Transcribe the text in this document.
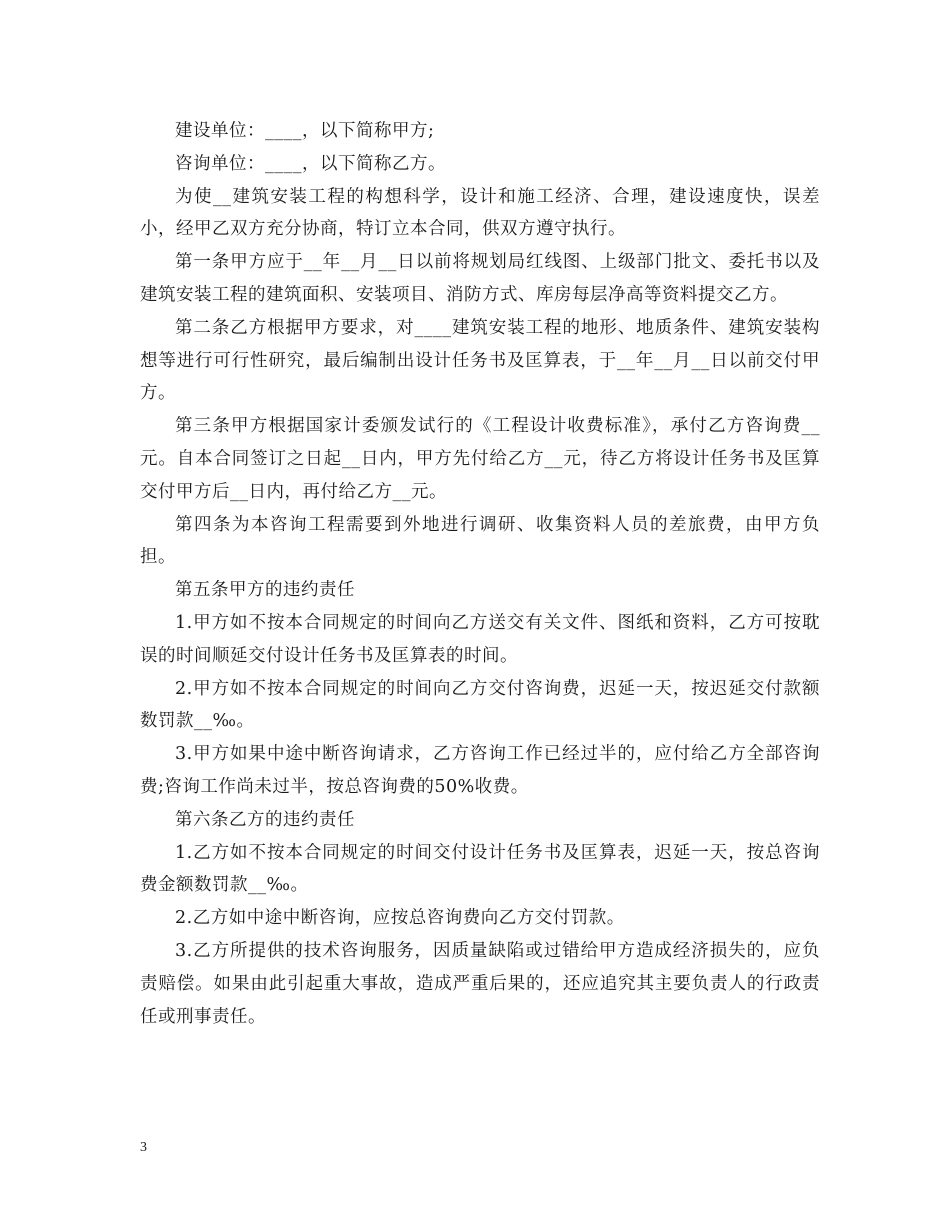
建设单位：____，以下简称甲方;

咨询单位：____，以下简称乙方。

为使__建筑安装工程的构想科学，设计和施工经济、合理，建设速度快，误差小，经甲乙双方充分协商，特订立本合同，供双方遵守执行。

第一条甲方应于__年__月__日以前将规划局红线图、上级部门批文、委托书以及建筑安装工程的建筑面积、安装项目、消防方式、库房每层净高等资料提交乙方。

第二条乙方根据甲方要求，对____建筑安装工程的地形、地质条件、建筑安装构想等进行可行性研究，最后编制出设计任务书及匡算表，于__年__月__日以前交付甲方。

第三条甲方根据国家计委颁发试行的《工程设计收费标准》，承付乙方咨询费__元。自本合同签订之日起__日内，甲方先付给乙方__元，待乙方将设计任务书及匡算交付甲方后__日内，再付给乙方__元。

第四条为本咨询工程需要到外地进行调研、收集资料人员的差旅费，由甲方负担。

第五条甲方的违约责任

1.甲方如不按本合同规定的时间向乙方送交有关文件、图纸和资料，乙方可按耽误的时间顺延交付设计任务书及匡算表的时间。

2.甲方如不按本合同规定的时间向乙方交付咨询费，迟延一天，按迟延交付款额数罚款__‰。

3.甲方如果中途中断咨询请求，乙方咨询工作已经过半的，应付给乙方全部咨询费;咨询工作尚未过半，按总咨询费的50%收费。

第六条乙方的违约责任

1.乙方如不按本合同规定的时间交付设计任务书及匡算表，迟延一天，按总咨询费金额数罚款__‰。

2.乙方如中途中断咨询，应按总咨询费向乙方交付罚款。

3.乙方所提供的技术咨询服务，因质量缺陷或过错给甲方造成经济损失的，应负责赔偿。如果由此引起重大事故，造成严重后果的，还应追究其主要负责人的行政责任或刑事责任。

3
